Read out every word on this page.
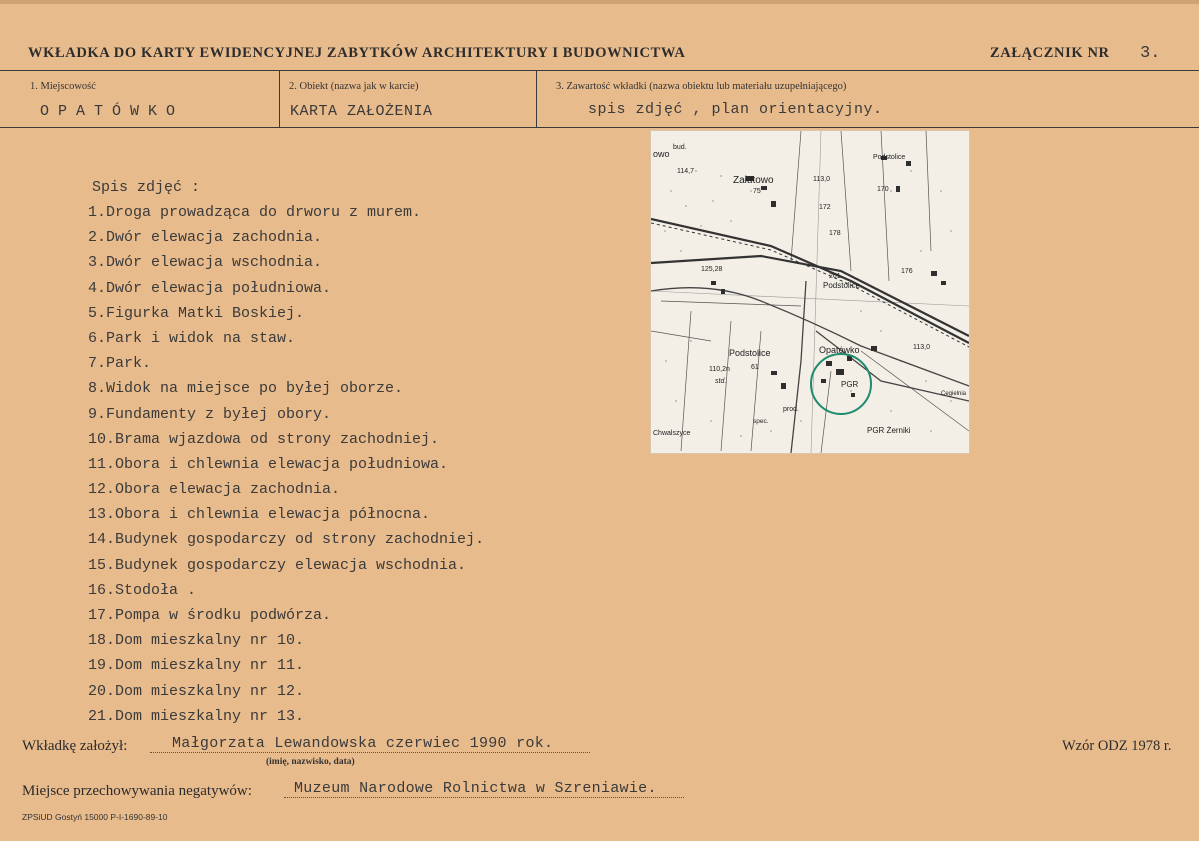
WKŁADKA DO KARTY EWIDENCYJNEJ ZABYTKÓW ARCHITEKTURY I BUDOWNICTWA	ZAŁĄCZNIK NR 3.
1. Miejscowość
OPATÓWKO
2. Obiekt (nazwa jak w karcie)
KARTA ZAŁOŻENIA
3. Zawartość wkładki (nazwa obiektu lub materiału uzupełniającego)
spis zdjęć , plan orientacyjny.
Spis zdjęć :
1.Droga prowadząca do drworu z murem.
2.Dwór elewacja zachodnia.
3.Dwór elewacja wschodnia.
4.Dwór elewacja południowa.
5.Figurka Matki Boskiej.
6.Park i widok na staw.
7.Park.
8.Widok na miejsce po byłej oborze.
9.Fundamenty z byłej obory.
10.Brama wjazdowa od strony zachodniej.
11.Obora i chlewnia elewacja południowa.
12.Obora elewacja zachodnia.
13.Obora i chlewnia elewacja północna.
14.Budynek gospodarczy od strony zachodniej.
15.Budynek gospodarczy elewacja wschodnia.
16.Stodoła .
17.Pompa w środku podwórza.
18.Dom mieszkalny nr 10.
19.Dom mieszkalny nr 11.
20.Dom mieszkalny nr 12.
21.Dom mieszkalny nr 13.
owo
bud.
114,7
Załutowo
75
113,0
Podstolice
170
172
178
125,28
261
Podstolice
176
Podstolice
110,2n	61
std.
Opatówko	113,0
PGR
prod.
spec.
PGR Żerniki
Chwalszyce
Cegielnia
Wkładkę założył:	Małgorzata Lewandowska czerwiec 1990 rok.
(imię, nazwisko, data)
Wzór ODZ 1978 r.
Miejsce przechowywania negatywów:	Muzeum Narodowe Rolnictwa w Szreniawie.
ZPSiUD Gostyń 15000 P-I-1690-89-10
